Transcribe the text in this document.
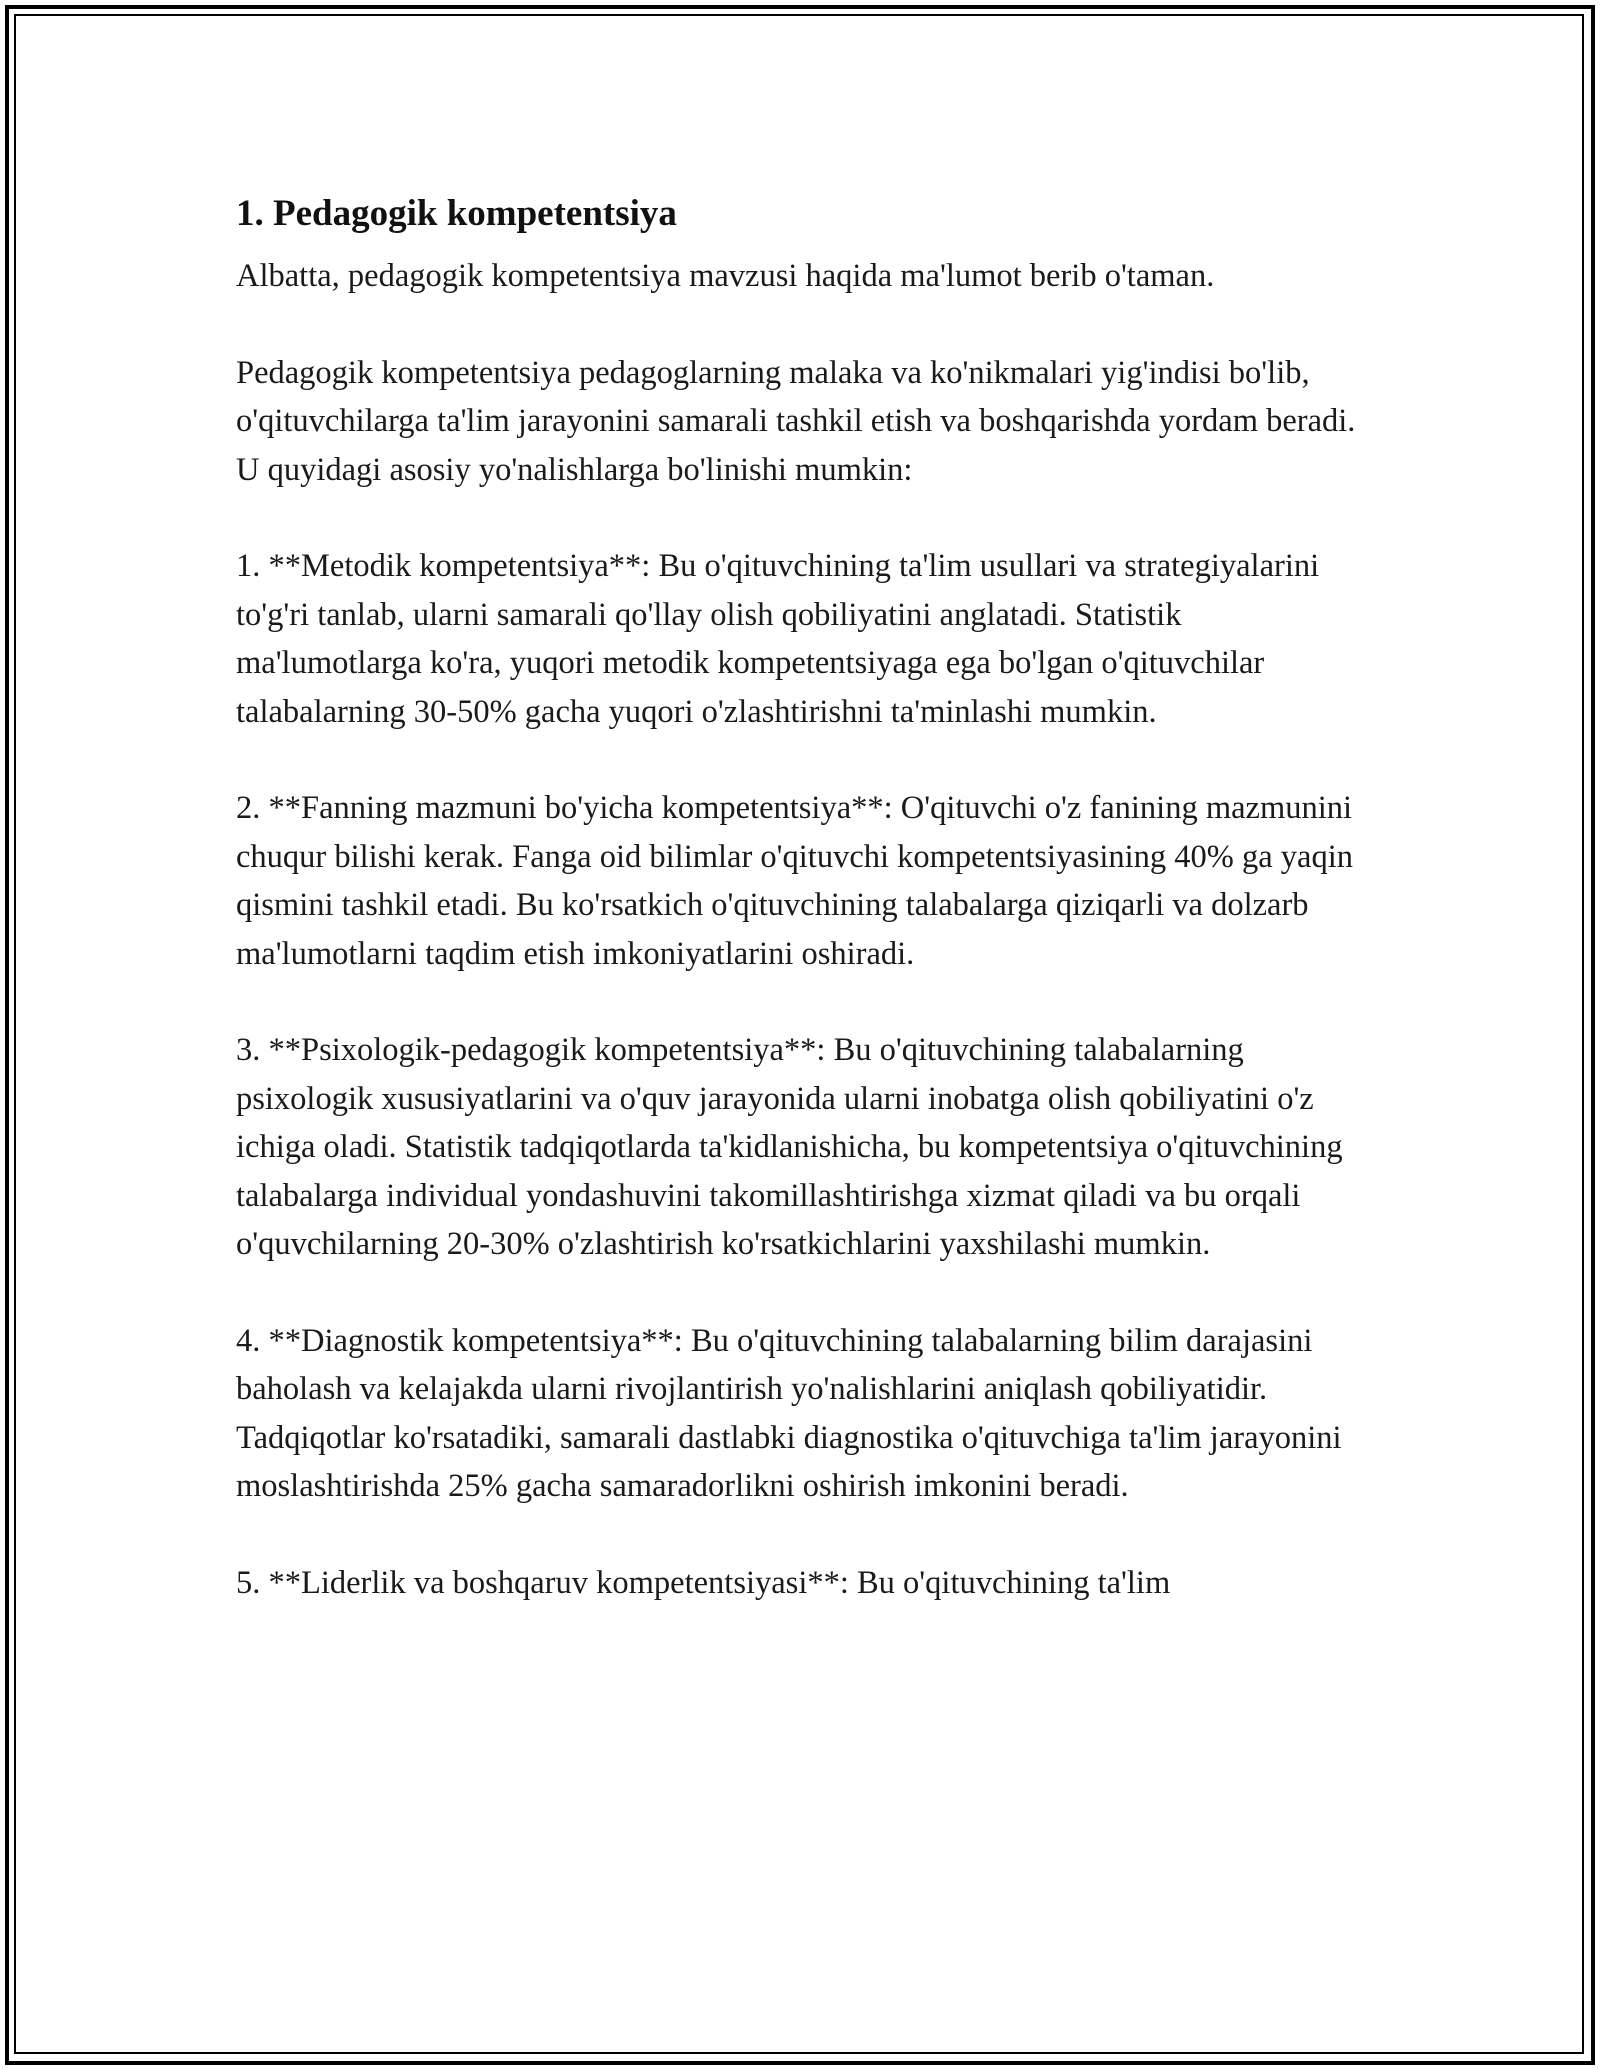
1. Pedagogik kompetentsiya

Albatta, pedagogik kompetentsiya mavzusi haqida ma'lumot berib o'taman.

Pedagogik kompetentsiya pedagoglarning malaka va ko'nikmalari yig'indisi bo'lib, o'qituvchilarga ta'lim jarayonini samarali tashkil etish va boshqarishda yordam beradi. U quyidagi asosiy yo'nalishlarga bo'linishi mumkin:

1. **Metodik kompetentsiya**: Bu o'qituvchining ta'lim usullari va strategiyalarini to'g'ri tanlab, ularni samarali qo'llay olish qobiliyatini anglatadi. Statistik ma'lumotlarga ko'ra, yuqori metodik kompetentsiyaga ega bo'lgan o'qituvchilar talabalarning 30-50% gacha yuqori o'zlashtirishni ta'minlashi mumkin.

2. **Fanning mazmuni bo'yicha kompetentsiya**: O'qituvchi o'z fanining mazmunini chuqur bilishi kerak. Fanga oid bilimlar o'qituvchi kompetentsiyasining 40% ga yaqin qismini tashkil etadi. Bu ko'rsatkich o'qituvchining talabalarga qiziqarli va dolzarb ma'lumotlarni taqdim etish imkoniyatlarini oshiradi.

3. **Psixologik-pedagogik kompetentsiya**: Bu o'qituvchining talabalarning psixologik xususiyatlarini va o'quv jarayonida ularni inobatga olish qobiliyatini o'z ichiga oladi. Statistik tadqiqotlarda ta'kidlanishicha, bu kompetentsiya o'qituvchining talabalarga individual yondashuvini takomillashtirishga xizmat qiladi va bu orqali o'quvchilarning 20-30% o'zlashtirish ko'rsatkichlarini yaxshilashi mumkin.

4. **Diagnostik kompetentsiya**: Bu o'qituvchining talabalarning bilim darajasini baholash va kelajakda ularni rivojlantirish yo'nalishlarini aniqlash qobiliyatidir. Tadqiqotlar ko'rsatadiki, samarali dastlabki diagnostika o'qituvchiga ta'lim jarayonini moslashtirishda 25% gacha samaradorlikni oshirish imkonini beradi.

5. **Liderlik va boshqaruv kompetentsiyasi**: Bu o'qituvchining ta'lim
